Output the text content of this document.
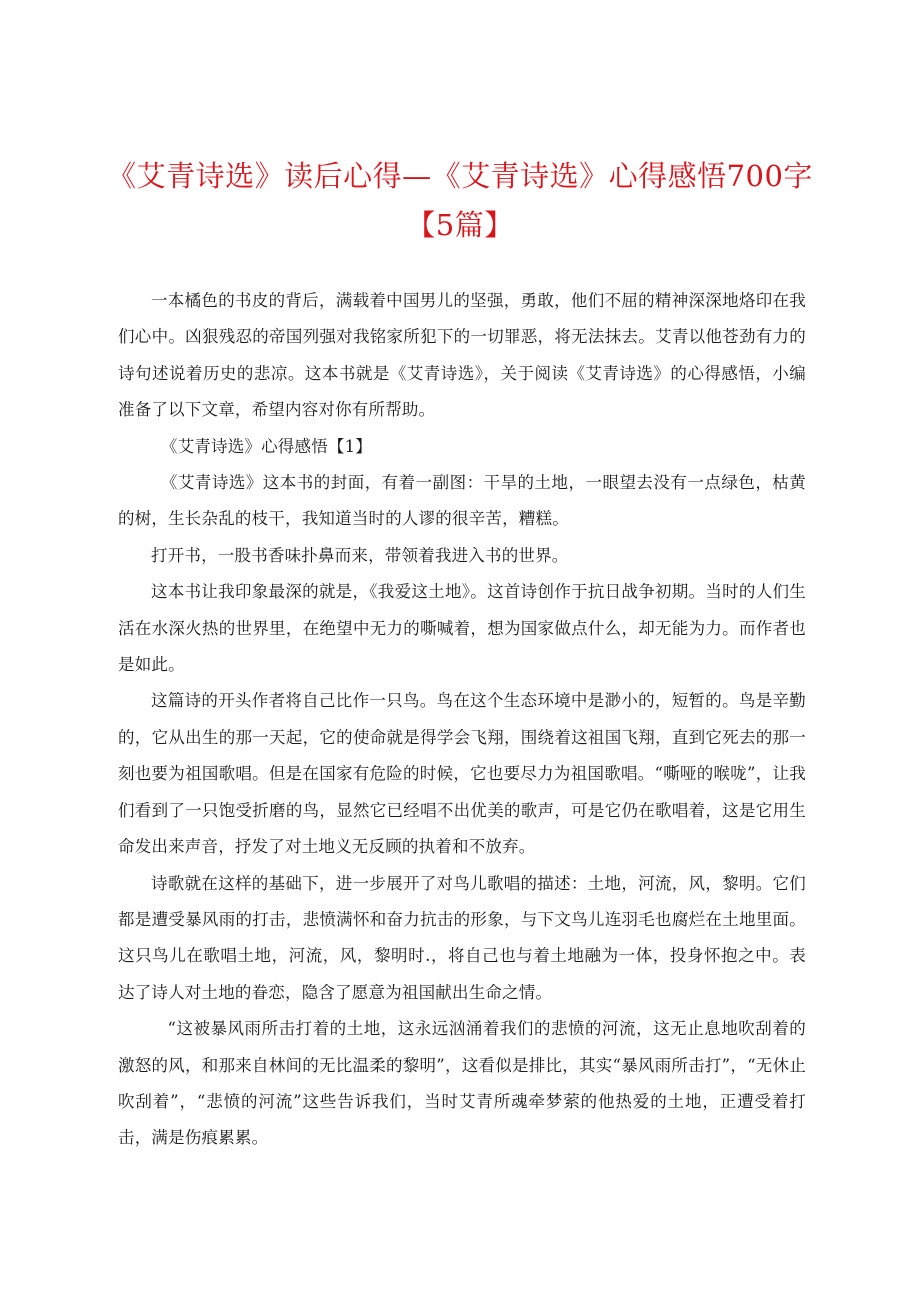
《艾青诗选》读后心得—《艾青诗选》心得感悟700字
【5篇】

一本橘色的书皮的背后，满载着中国男儿的坚强，勇敢，他们不屈的精神深深地烙印在我们心中。凶狠残忍的帝国列强对我铭家所犯下的一切罪恶，将无法抹去。艾青以他苍劲有力的诗句述说着历史的悲凉。这本书就是《艾青诗选》，关于阅读《艾青诗选》的心得感悟，小编准备了以下文章，希望内容对你有所帮助。

《艾青诗选》心得感悟【1】

《艾青诗选》这本书的封面，有着一副图：干旱的土地，一眼望去没有一点绿色，枯黄的树，生长杂乱的枝干，我知道当时的人谬的很辛苦，糟糕。

打开书，一股书香味扑鼻而来，带领着我进入书的世界。

这本书让我印象最深的就是，《我爱这土地》。这首诗创作于抗日战争初期。当时的人们生活在水深火热的世界里，在绝望中无力的嘶喊着，想为国家做点什么，却无能为力。而作者也是如此。

这篇诗的开头作者将自己比作一只鸟。鸟在这个生态环境中是渺小的，短暂的。鸟是辛勤的，它从出生的那一天起，它的使命就是得学会飞翔，围绕着这祖国飞翔，直到它死去的那一刻也要为祖国歌唱。但是在国家有危险的时候，它也要尽力为祖国歌唱。“嘶哑的喉咙”，让我们看到了一只饱受折磨的鸟，显然它已经唱不出优美的歌声，可是它仍在歌唱着，这是它用生命发出来声音，抒发了对土地义无反顾的执着和不放弃。

诗歌就在这样的基础下，进一步展开了对鸟儿歌唱的描述：土地，河流，风，黎明。它们都是遭受暴风雨的打击，悲愤满怀和奋力抗击的形象，与下文鸟儿连羽毛也腐烂在土地里面。这只鸟儿在歌唱土地，河流，风，黎明时.，将自己也与着土地融为一体，投身怀抱之中。表达了诗人对土地的眷恋，隐含了愿意为祖国献出生命之情。

“这被暴风雨所击打着的土地，这永远汹涌着我们的悲愤的河流，这无止息地吹刮着的激怒的风，和那来自林间的无比温柔的黎明”，这看似是排比，其实“暴风雨所击打”，“无休止吹刮着”，“悲愤的河流”这些告诉我们，当时艾青所魂牵梦萦的他热爱的土地，正遭受着打击，满是伤痕累累。
